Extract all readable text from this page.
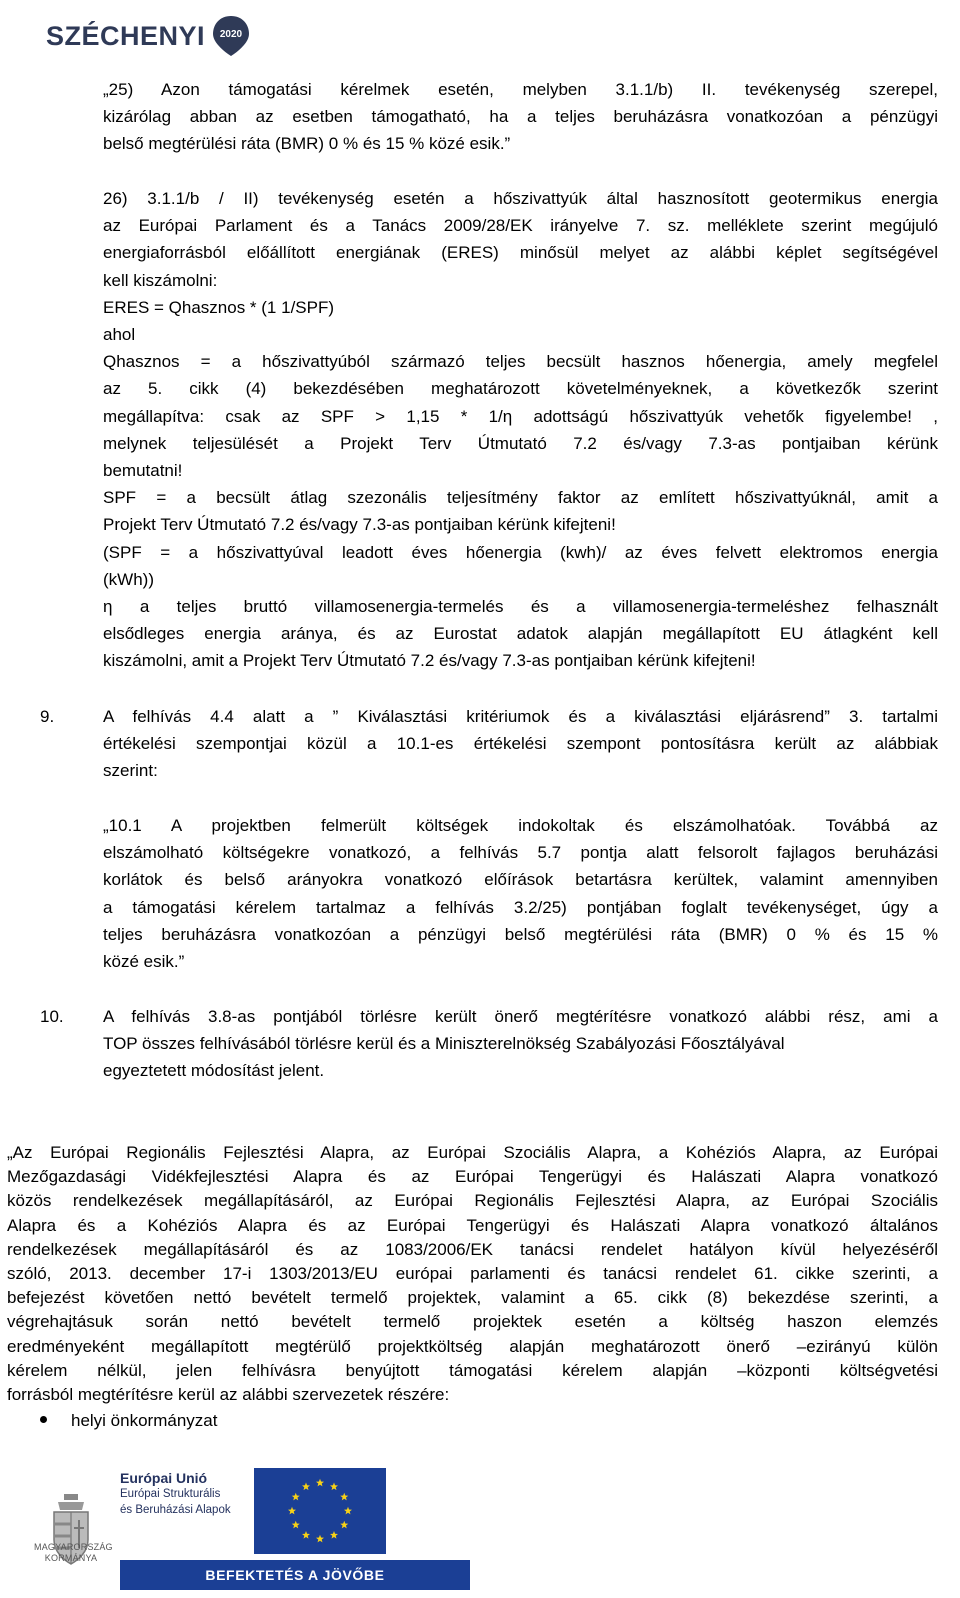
SZÉCHENYI 2020
„25) Azon támogatási kérelmek esetén, melyben 3.1.1/b) II. tevékenység szerepel,
kizárólag abban az esetben támogatható, ha a teljes beruházásra vonatkozóan a pénzügyi
belső megtérülési ráta (BMR) 0 % és 15 % közé esik.”
26) 3.1.1/b / II) tevékenység esetén a hőszivattyúk által hasznosított geotermikus energia
az Európai Parlament és a Tanács 2009/28/EK irányelve 7. sz. melléklete szerint megújuló
energiaforrásból előállított energiának (ERES) minősül melyet az alábbi képlet segítségével
kell kiszámolni:
ERES = Qhasznos * (1 1/SPF)
ahol
Qhasznos = a hőszivattyúból származó teljes becsült hasznos hőenergia, amely megfelel
az 5. cikk (4) bekezdésében meghatározott követelményeknek, a következők szerint
megállapítva: csak az SPF > 1,15 * 1/η adottságú hőszivattyúk vehetők figyelembe! ,
melynek teljesülését a Projekt Terv Útmutató 7.2 és/vagy 7.3-as pontjaiban kérünk
bemutatni!
SPF = a becsült átlag szezonális teljesítmény faktor az említett hőszivattyúknál, amit a
Projekt Terv Útmutató 7.2 és/vagy 7.3-as pontjaiban kérünk kifejteni!
(SPF = a hőszivattyúval leadott éves hőenergia (kwh)/ az éves felvett elektromos energia
(kWh))
η a teljes bruttó villamosenergia-termelés és a villamosenergia-termeléshez felhasznált
elsődleges energia aránya, és az Eurostat adatok alapján megállapított EU átlagként kell
kiszámolni, amit a Projekt Terv Útmutató 7.2 és/vagy 7.3-as pontjaiban kérünk kifejteni!
9.	A felhívás 4.4 alatt a ” Kiválasztási kritériumok és a kiválasztási eljárásrend” 3. tartalmi
értékelési szempontjai közül a 10.1-es értékelési szempont pontosításra került az alábbiak
szerint:
„10.1 A projektben felmerült költségek indokoltak és elszámolhatóak. Továbbá az
elszámolható költségekre vonatkozó, a felhívás 5.7 pontja alatt felsorolt fajlagos beruházási
korlátok és belső arányokra vonatkozó előírások betartásra kerültek, valamint amennyiben
a támogatási kérelem tartalmaz a felhívás 3.2/25) pontjában foglalt tevékenységet, úgy a
teljes beruházásra vonatkozóan a pénzügyi belső megtérülési ráta (BMR) 0 % és 15 %
közé esik.”
10. A felhívás 3.8-as pontjából törlésre került önerő megtérítésre vonatkozó alábbi rész, ami a
TOP összes felhívásából törlésre kerül és a Miniszterelnökség Szabályozási Főosztályával
egyeztetett módosítást jelent.
„Az Európai Regionális Fejlesztési Alapra, az Európai Szociális Alapra, a Kohéziós Alapra, az Európai
Mezőgazdasági Vidékfejlesztési Alapra és az Európai Tengerügyi és Halászati Alapra vonatkozó
közös rendelkezések megállapításáról, az Európai Regionális Fejlesztési Alapra, az Európai Szociális
Alapra és a Kohéziós Alapra és az Európai Tengerügyi és Halászati Alapra vonatkozó általános
rendelkezések megállapításáról és az 1083/2006/EK tanácsi rendelet hatályon kívül helyezéséről
szóló, 2013. december 17-i 1303/2013/EU európai parlamenti és tanácsi rendelet 61. cikke szerinti, a
befejezést követően nettó bevételt termelő projektek, valamint a 65. cikk (8) bekezdése szerinti, a
végrehajtásuk során nettó bevételt termelő projektek esetén a költség haszon elemzés
eredményeként megállapított megtérülő projektköltség alapján meghatározott önerő –ezirányú külön
kérelem nélkül, jelen felhívásra benyújtott támogatási kérelem alapján –központi költségvetési
forrásból megtérítésre kerül az alábbi szervezetek részére:
helyi önkormányzat
MAGYARORSZÁG
KORMÁNYA
Európai Unió
Európai Strukturális
és Beruházási Alapok
BEFEKTETÉS A JÖVŐBE
